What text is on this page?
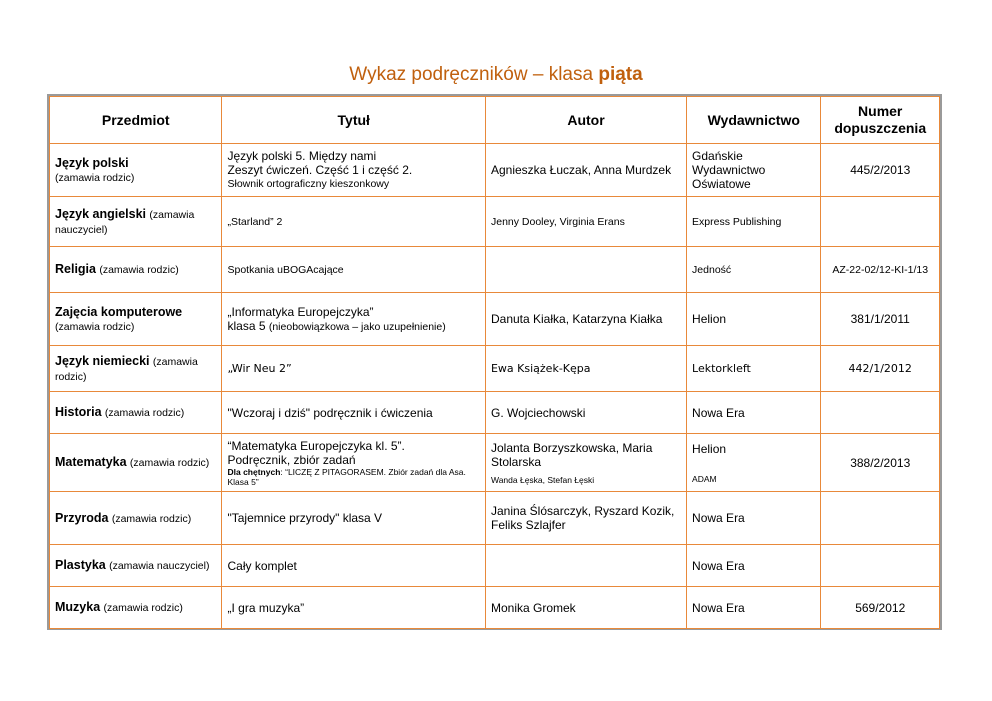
Wykaz podręczników – klasa piąta
Przedmiot	Tytuł	Autor	Wydawnictwo	Numer
dopuszczenia

Język polski
(zamawia rodzic)	Język polski 5. Między nami
Zeszyt ćwiczeń. Część 1 i część 2.
Słownik ortograficzny kieszonkowy	Agnieszka Łuczak, Anna Murdzek	Gdańskie Wydawnictwo Oświatowe	445/2/2013
Język angielski (zamawia nauczyciel)	„Starland” 2	Jenny Dooley, Virginia Erans	Express Publishing	
Religia (zamawia rodzic)	Spotkania uBOGAcające		Jedność	AZ-22-02/12-KI-1/13

Zajęcia komputerowe
(zamawia rodzic)	„Informatyka Europejczyka”
klasa 5 (nieobowiązkowa – jako uzupełnienie)	Danuta Kiałka, Katarzyna Kiałka	Helion	381/1/2011
Język niemiecki (zamawia rodzic)	„Wir Neu 2”	Ewa Książek-Kępa	Lektorkleft	442/1/2012
Historia (zamawia rodzic)	"Wczoraj i dziś" podręcznik i ćwiczenia	G. Wojciechowski	Nowa Era	
Matematyka (zamawia rodzic)	“Matematyka Europejczyka kl. 5”.
Podręcznik, zbiór zadań
Dla chętnych: “LICZĘ Z PITAGORASEM. Zbiór zadań dla Asa. Klasa 5”	Jolanta Borzyszkowska, Maria Stolarska
Wanda Łęska, Stefan Łęski	Helion
ADAM	388/2/2013
Przyroda (zamawia rodzic)	"Tajemnice przyrody" klasa V	Janina Ślósarczyk, Ryszard Kozik, Feliks Szlajfer	Nowa Era	
Plastyka (zamawia nauczyciel)	Cały komplet		Nowa Era	
Muzyka (zamawia rodzic)	„I gra muzyka”	Monika Gromek	Nowa Era	569/2012
